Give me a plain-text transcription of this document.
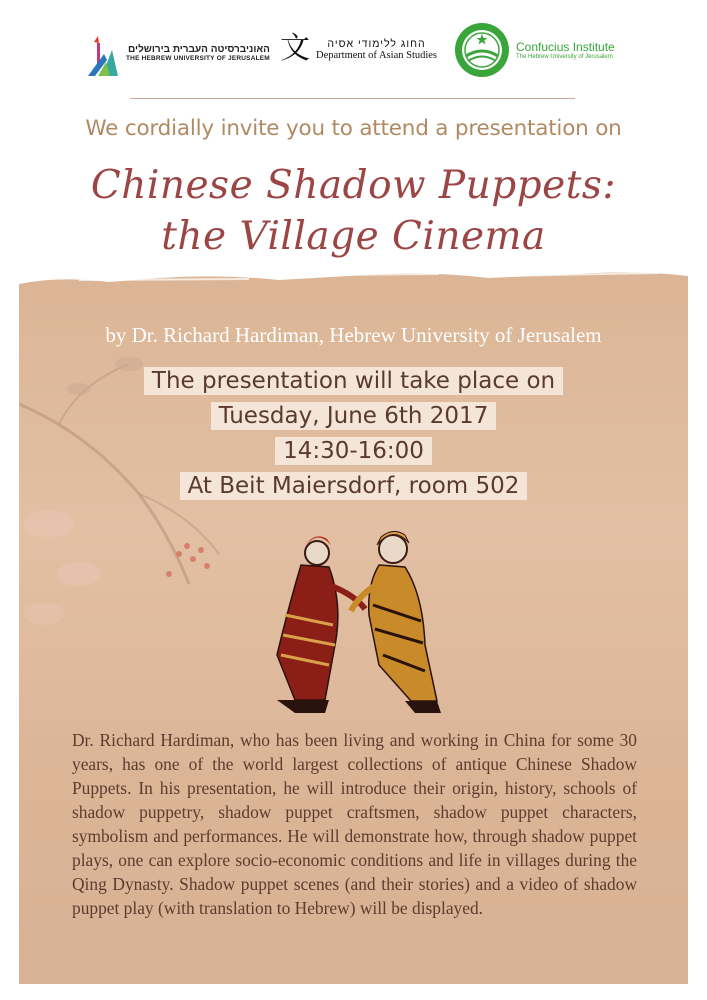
האוניברסיטה העברית בירושלים
THE HEBREW UNIVERSITY OF JERUSALEM 文	החוג ללימודי אסיה
Department of Asian Studies
Confucius Institute
The Hebrew University of Jerusalem
We cordially invite you to attend a presentation on
Chinese Shadow Puppets:
the Village Cinema
by Dr. Richard Hardiman, Hebrew University of Jerusalem
The presentation will take place on
Tuesday, June 6th 2017
14:30-16:00
At Beit Maiersdorf, room 502
Dr. Richard Hardiman, who has been living and working in China for some 30 years, has one of the world largest collections of antique Chinese Shadow Puppets. In his presentation, he will introduce their origin, history, schools of shadow puppetry, shadow puppet craftsmen, shadow puppet characters, symbolism and performances. He will demonstrate how, through shadow puppet plays, one can explore socio-economic conditions and life in villages during the Qing Dynasty. Shadow puppet scenes (and their stories) and a video of shadow puppet play (with translation to Hebrew) will be displayed.
